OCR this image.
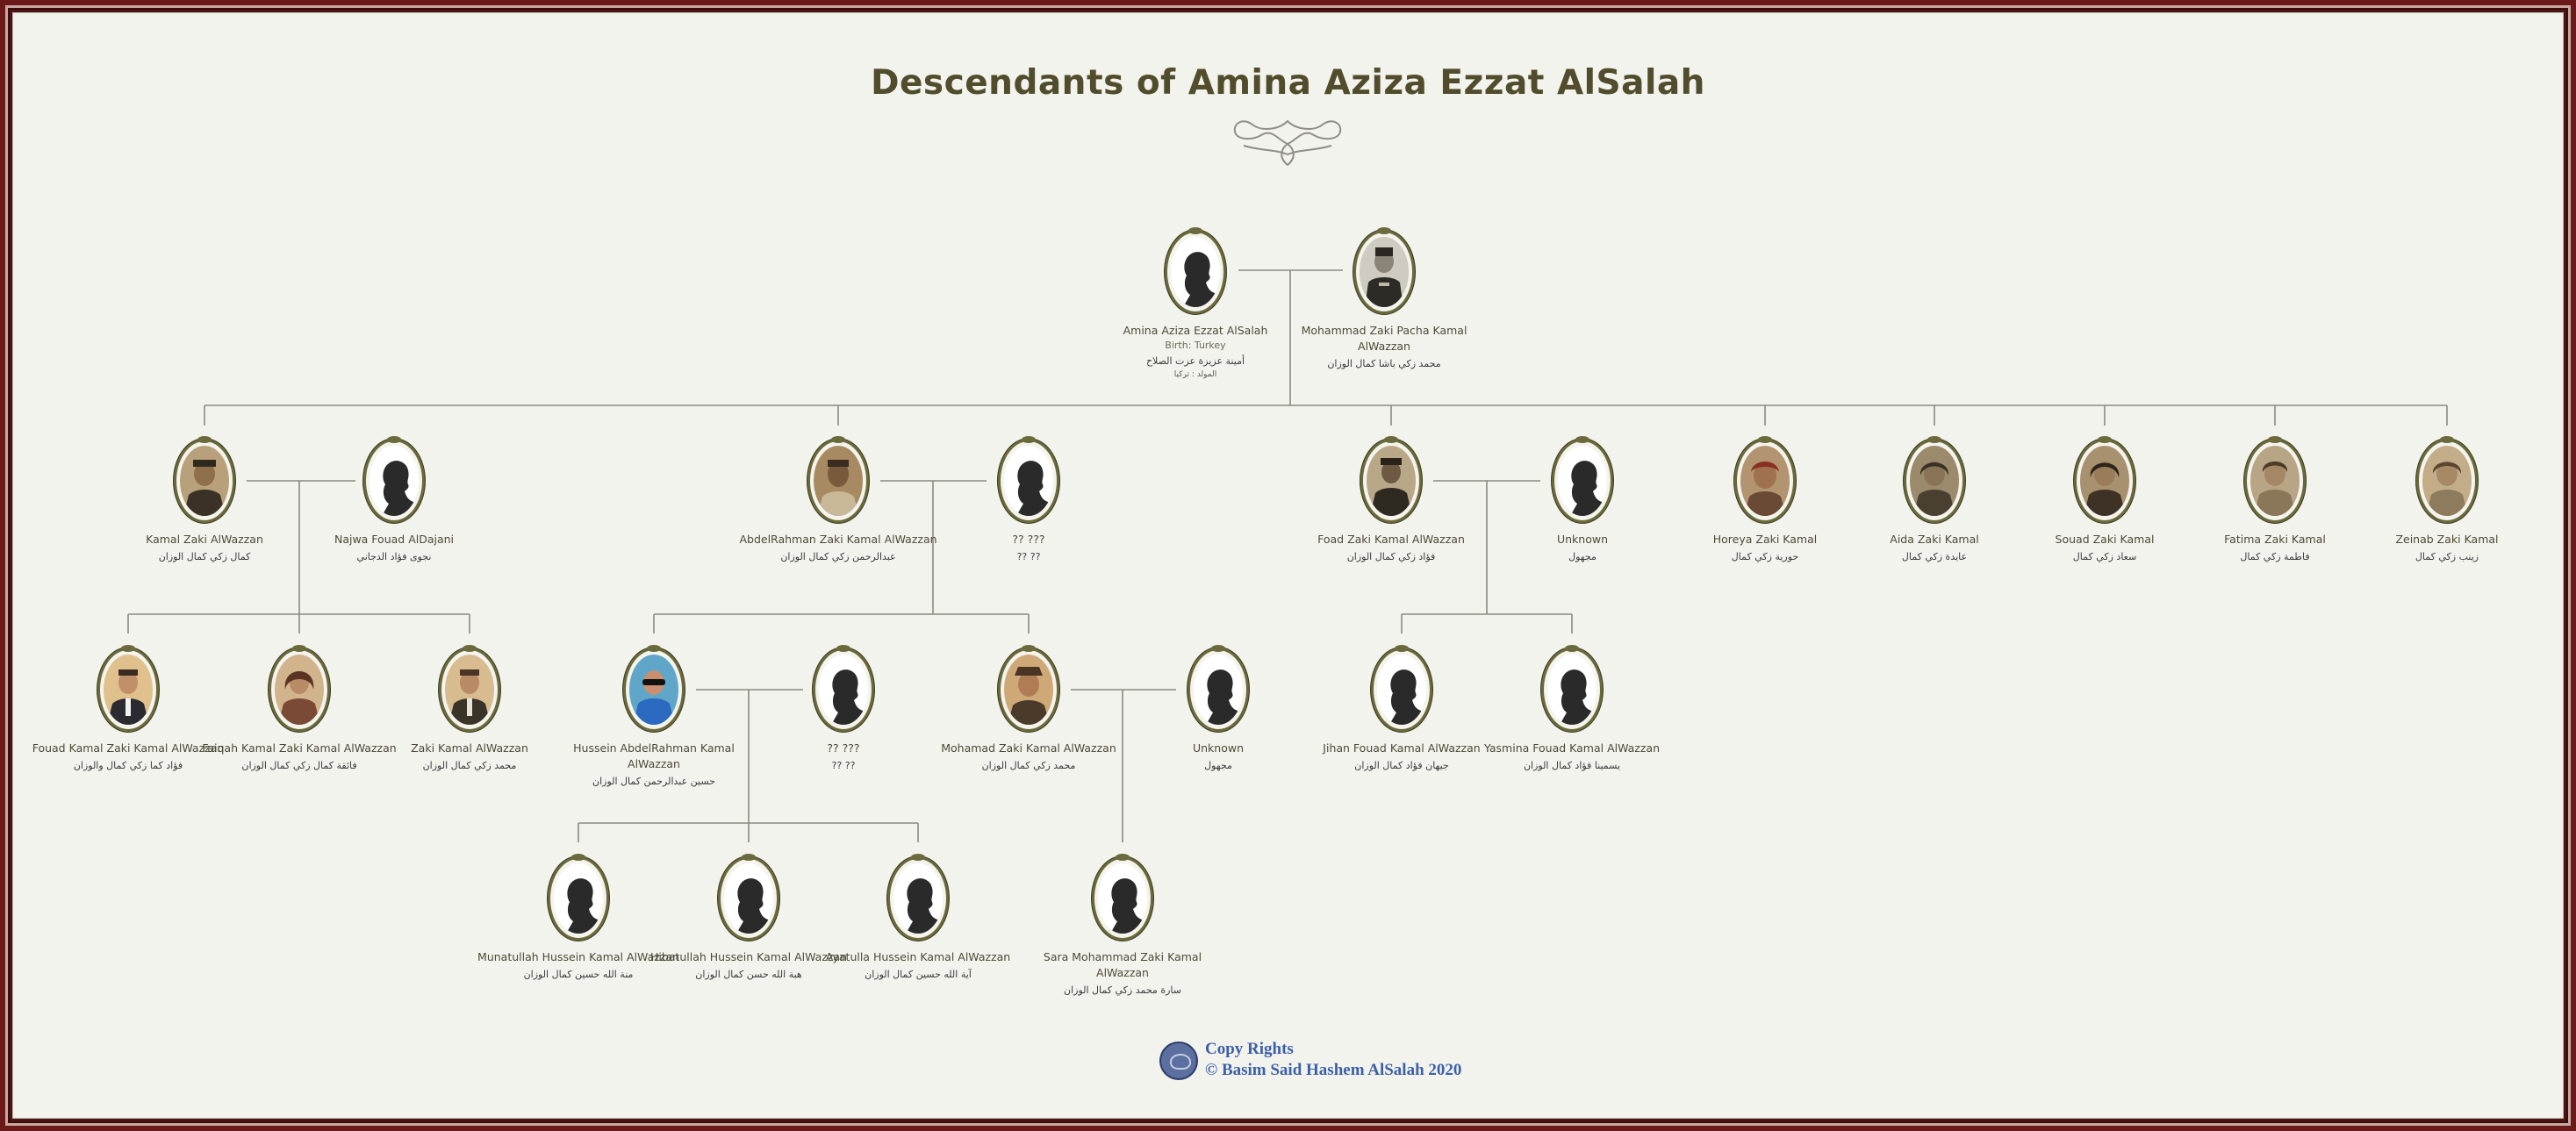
Descendants of Amina Aziza Ezzat AlSalah
Amina Aziza Ezzat AlSalah
Birth: Turkey
أمينة عزيزة عزت الصلاح
المولد : تركيا
Mohammad Zaki Pacha Kamal AlWazzan
محمد زكي باشا كمال الوزان
Kamal Zaki AlWazzan
كمال زكي كمال الوزان
Najwa Fouad AlDajani
نجوى فؤاد الدجاني
AbdelRahman Zaki Kamal AlWazzan
عبدالرحمن زكي كمال الوزان
?? ???
?? ??
Foad Zaki Kamal AlWazzan
فؤاد زكي كمال الوزان
Unknown
مجهول
Horeya Zaki Kamal
حورية زكي كمال
Aida Zaki Kamal
عايدة زكي كمال
Souad Zaki Kamal
سعاد زكي كمال
Fatima Zaki Kamal
فاطمة زكي كمال
Zeinab Zaki Kamal
زينب زكي كمال
Fouad Kamal Zaki Kamal AlWazzan
فؤاد كما زكي كمال والوزان
Faiqah Kamal Zaki Kamal AlWazzan
فائقة كمال زكي كمال الوزان
Zaki Kamal AlWazzan
محمد زكي كمال الوزان
Hussein AbdelRahman Kamal AlWazzan
حسين عبدالرحمن كمال الوزان
?? ???
?? ??
Mohamad Zaki Kamal AlWazzan
محمد زكي كمال الوزان
Unknown
مجهول
Jihan Fouad Kamal AlWazzan
جيهان فؤاد كمال الوزان
Yasmina Fouad Kamal AlWazzan
يسمينا فؤاد كمال الوزان
Munatullah Hussein Kamal AlWazzan
منة الله حسين كمال الوزان
Hibatullah Hussein Kamal AlWazzan
هبة الله حسن كمال الوزان
Ayatulla Hussein Kamal AlWazzan
آية الله حسين كمال الوزان
Sara Mohammad Zaki Kamal AlWazzan
سارة محمد زكي كمال الوزان
Copy Rights
© Basim Said Hashem AlSalah 2020
